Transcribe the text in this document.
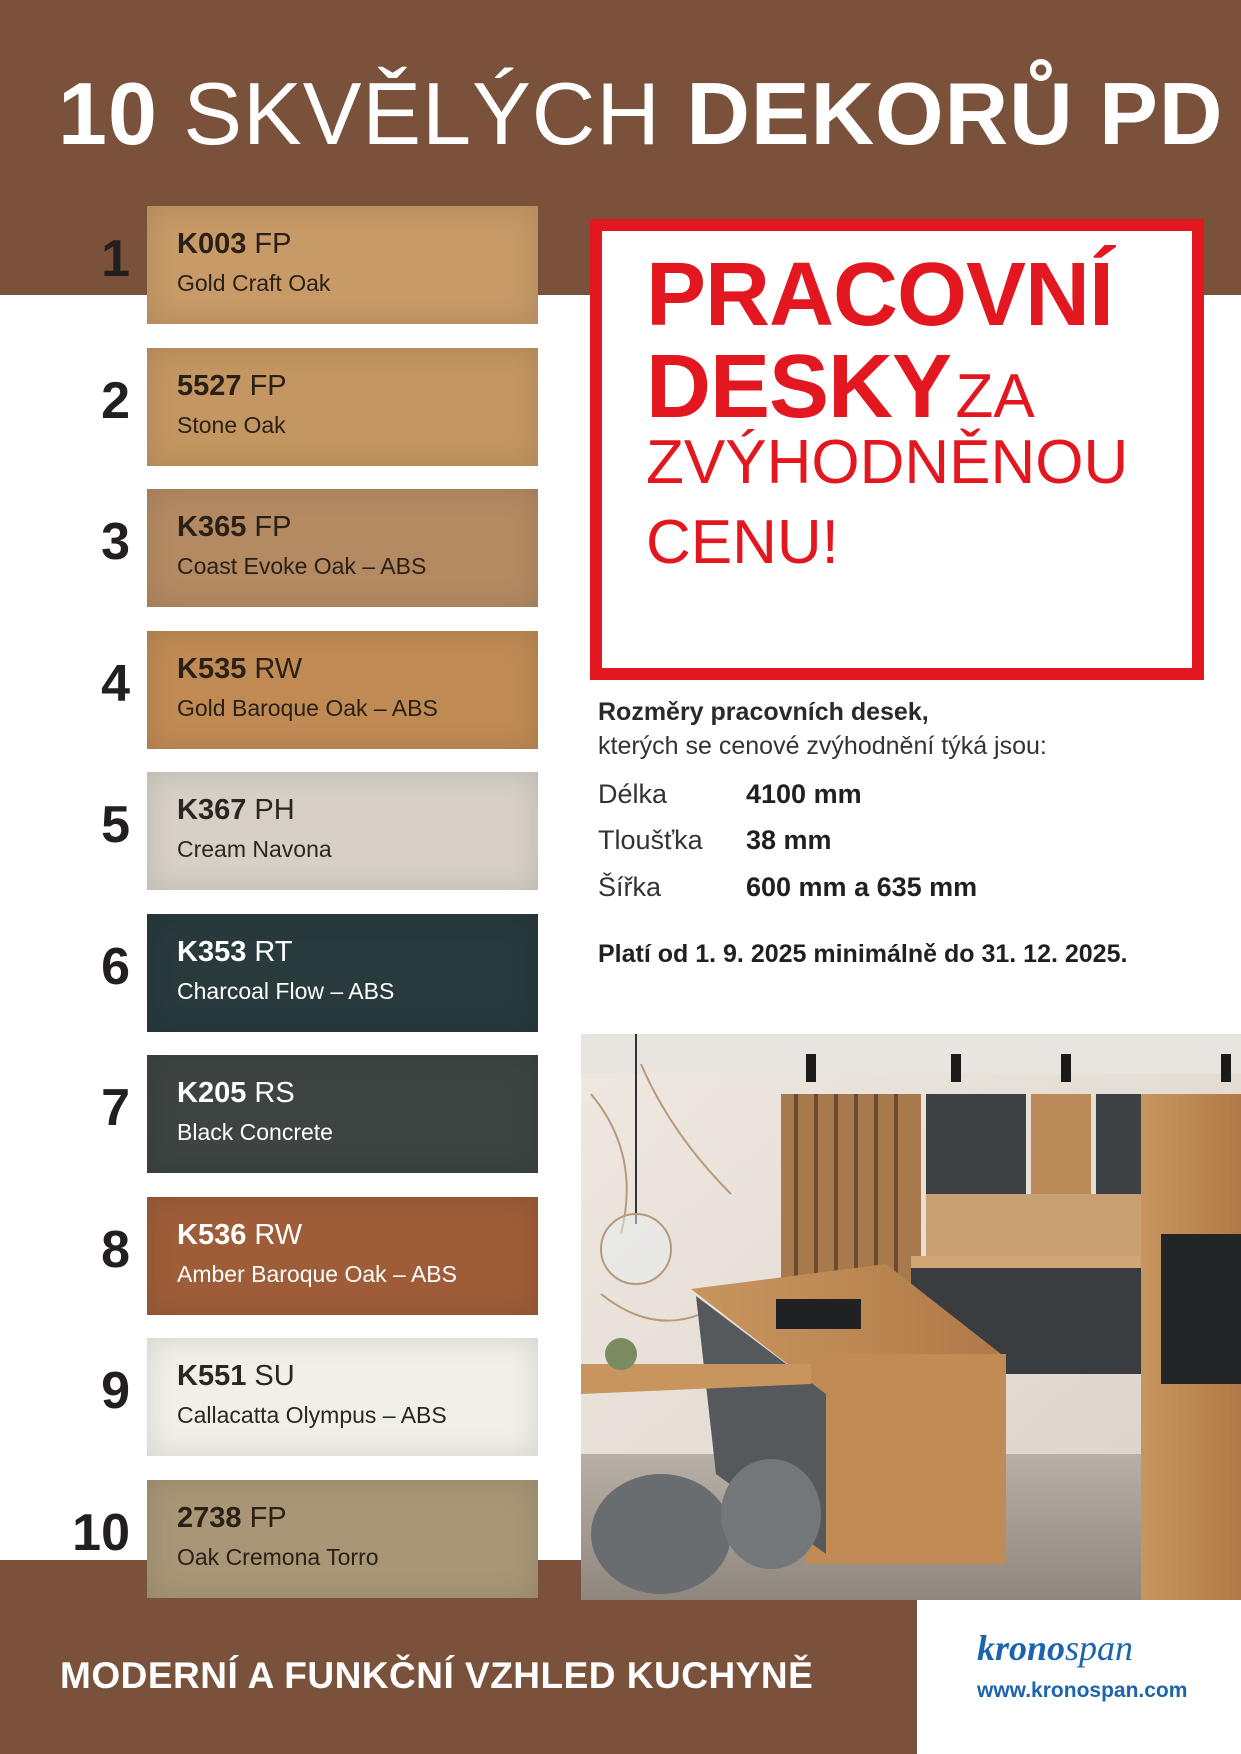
10 SKVĚLÝCH DEKORŮ PD
1 K003 FP
Gold Craft Oak
2 5527 FP
Stone Oak
3 K365 FP
Coast Evoke Oak – ABS
4 K535 RW
Gold Baroque Oak – ABS
5 K367 PH
Cream Navona
6 K353 RT
Charcoal Flow – ABS
7 K205 RS
Black Concrete
8 K536 RW
Amber Baroque Oak – ABS
9 K551 SU
Callacatta Olympus – ABS
10 2738 FP
Oak Cremona Torro
PRACOVNÍ
DESKY ZA
ZVÝHODNĚNOU
CENU!
Rozměry pracovních desek,
kterých se cenové zvýhodnění týká jsou:
Délka	4100 mm
Tloušťka 38 mm
Šířka	600 mm a 635 mm
Platí od 1. 9. 2025 minimálně do 31. 12. 2025.
MODERNÍ A FUNKČNÍ VZHLED KUCHYNĚ
kronospan
www.kronospan.com
